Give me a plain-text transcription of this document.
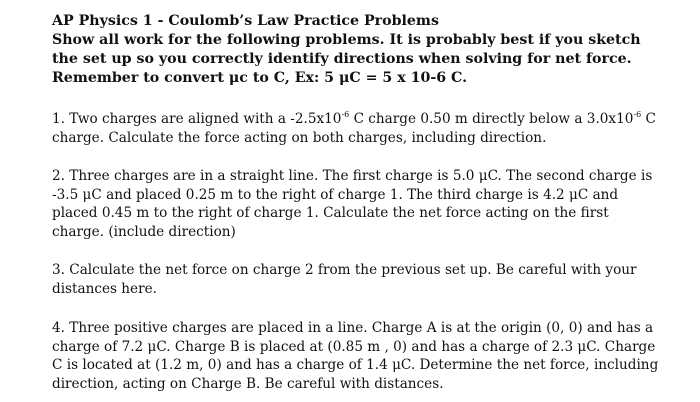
AP Physics 1 - Coulomb’s Law Practice Problems

Show all work for the following problems. It is probably best if you sketch the set up so you correctly identify directions when solving for net force. Remember to convert μc to C, Ex: 5 μC = 5 x 10-6 C.

1. Two charges are aligned with a $-2.5x10^{-6}$ C charge 0.50 m directly below a $3.0x10^{-6}$ C charge. Calculate the force acting on both charges, including direction.

2. Three charges are in a straight line. The first charge is 5.0 μC. The second charge is -3.5 μC and placed 0.25 m to the right of charge 1. The third charge is 4.2 μC and placed 0.45 m to the right of charge 1. Calculate the net force acting on the first charge. (include direction)

3. Calculate the net force on charge 2 from the previous set up. Be careful with your distances here.

4. Three positive charges are placed in a line. Charge A is at the origin (0, 0) and has a charge of 7.2 μC. Charge B is placed at (0.85 m , 0) and has a charge of 2.3 μC. Charge C is located at (1.2 m, 0) and has a charge of 1.4 μC. Determine the net force, including direction, acting on Charge B. Be careful with distances.
